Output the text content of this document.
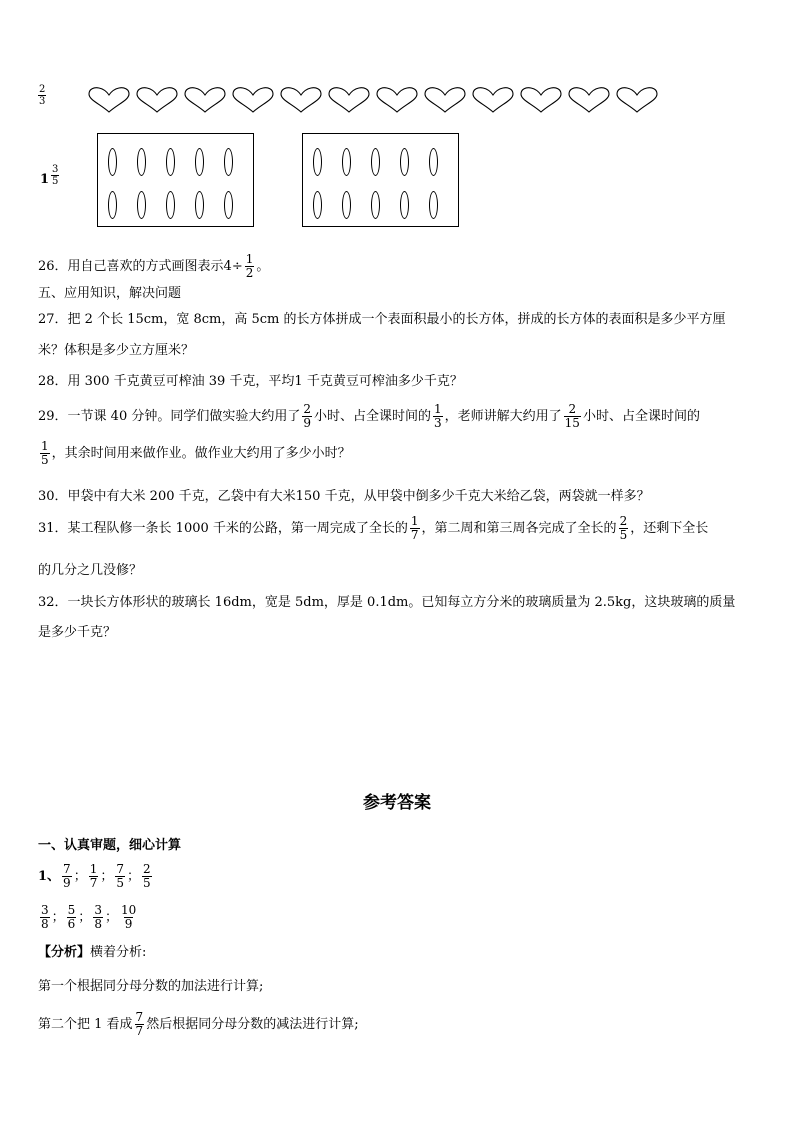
$\frac{2}{3}$
$1 \frac{3}{5}$
26．用自己喜欢的方式画图表示$4\div \frac{1}{2}$ 。
五、应用知识，解决问题
27．把 2 个长 15cm，宽 8cm，高 5cm 的长方体拼成一个表面积最小的长方体，拼成的长方体的表面积是多少平方厘
米？体积是多少立方厘米？
28．用 300 千克黄豆可榨油 39 千克，平均1 千克黄豆可榨油多少千克？
29．一节课 40 分钟。同学们做实验大约用了 $\frac{2}{9}$ 小时、占全课时间的 $\frac{1}{3}$ ，老师讲解大约用了 $\frac{2}{15}$ 小时、占全课时间的
$\frac{1}{5}$ ，其余时间用来做作业。做作业大约用了多少小时？
30．甲袋中有大米 200 千克，乙袋中有大米150 千克，从甲袋中倒多少千克大米给乙袋，两袋就一样多？
31．某工程队修一条长 1000 千米的公路，第一周完成了全长的 $\frac{1}{7}$ ，第二周和第三周各完成了全长的 $\frac{2}{5}$ ，还剩下全长
的几分之几没修？
32．一块长方体形状的玻璃长 16dm，宽是 5dm，厚是 0.1dm。已知每立方分米的玻璃质量为 2.5kg，这块玻璃的质量
是多少千克？
参考答案
一、认真审题，细心计算
1、 $\frac{7}{9}$ ； $\frac{1}{7}$ ； $\frac{7}{5}$ ； $\frac{2}{5}$
$\frac{3}{8}$ ； $\frac{5}{6}$ ； $\frac{3}{8}$ ； $\frac{10}{9}$
【分析】横着分析:
第一个根据同分母分数的加法进行计算;
第二个把 1 看成 $\frac{7}{7}$ 然后根据同分母分数的减法进行计算;
